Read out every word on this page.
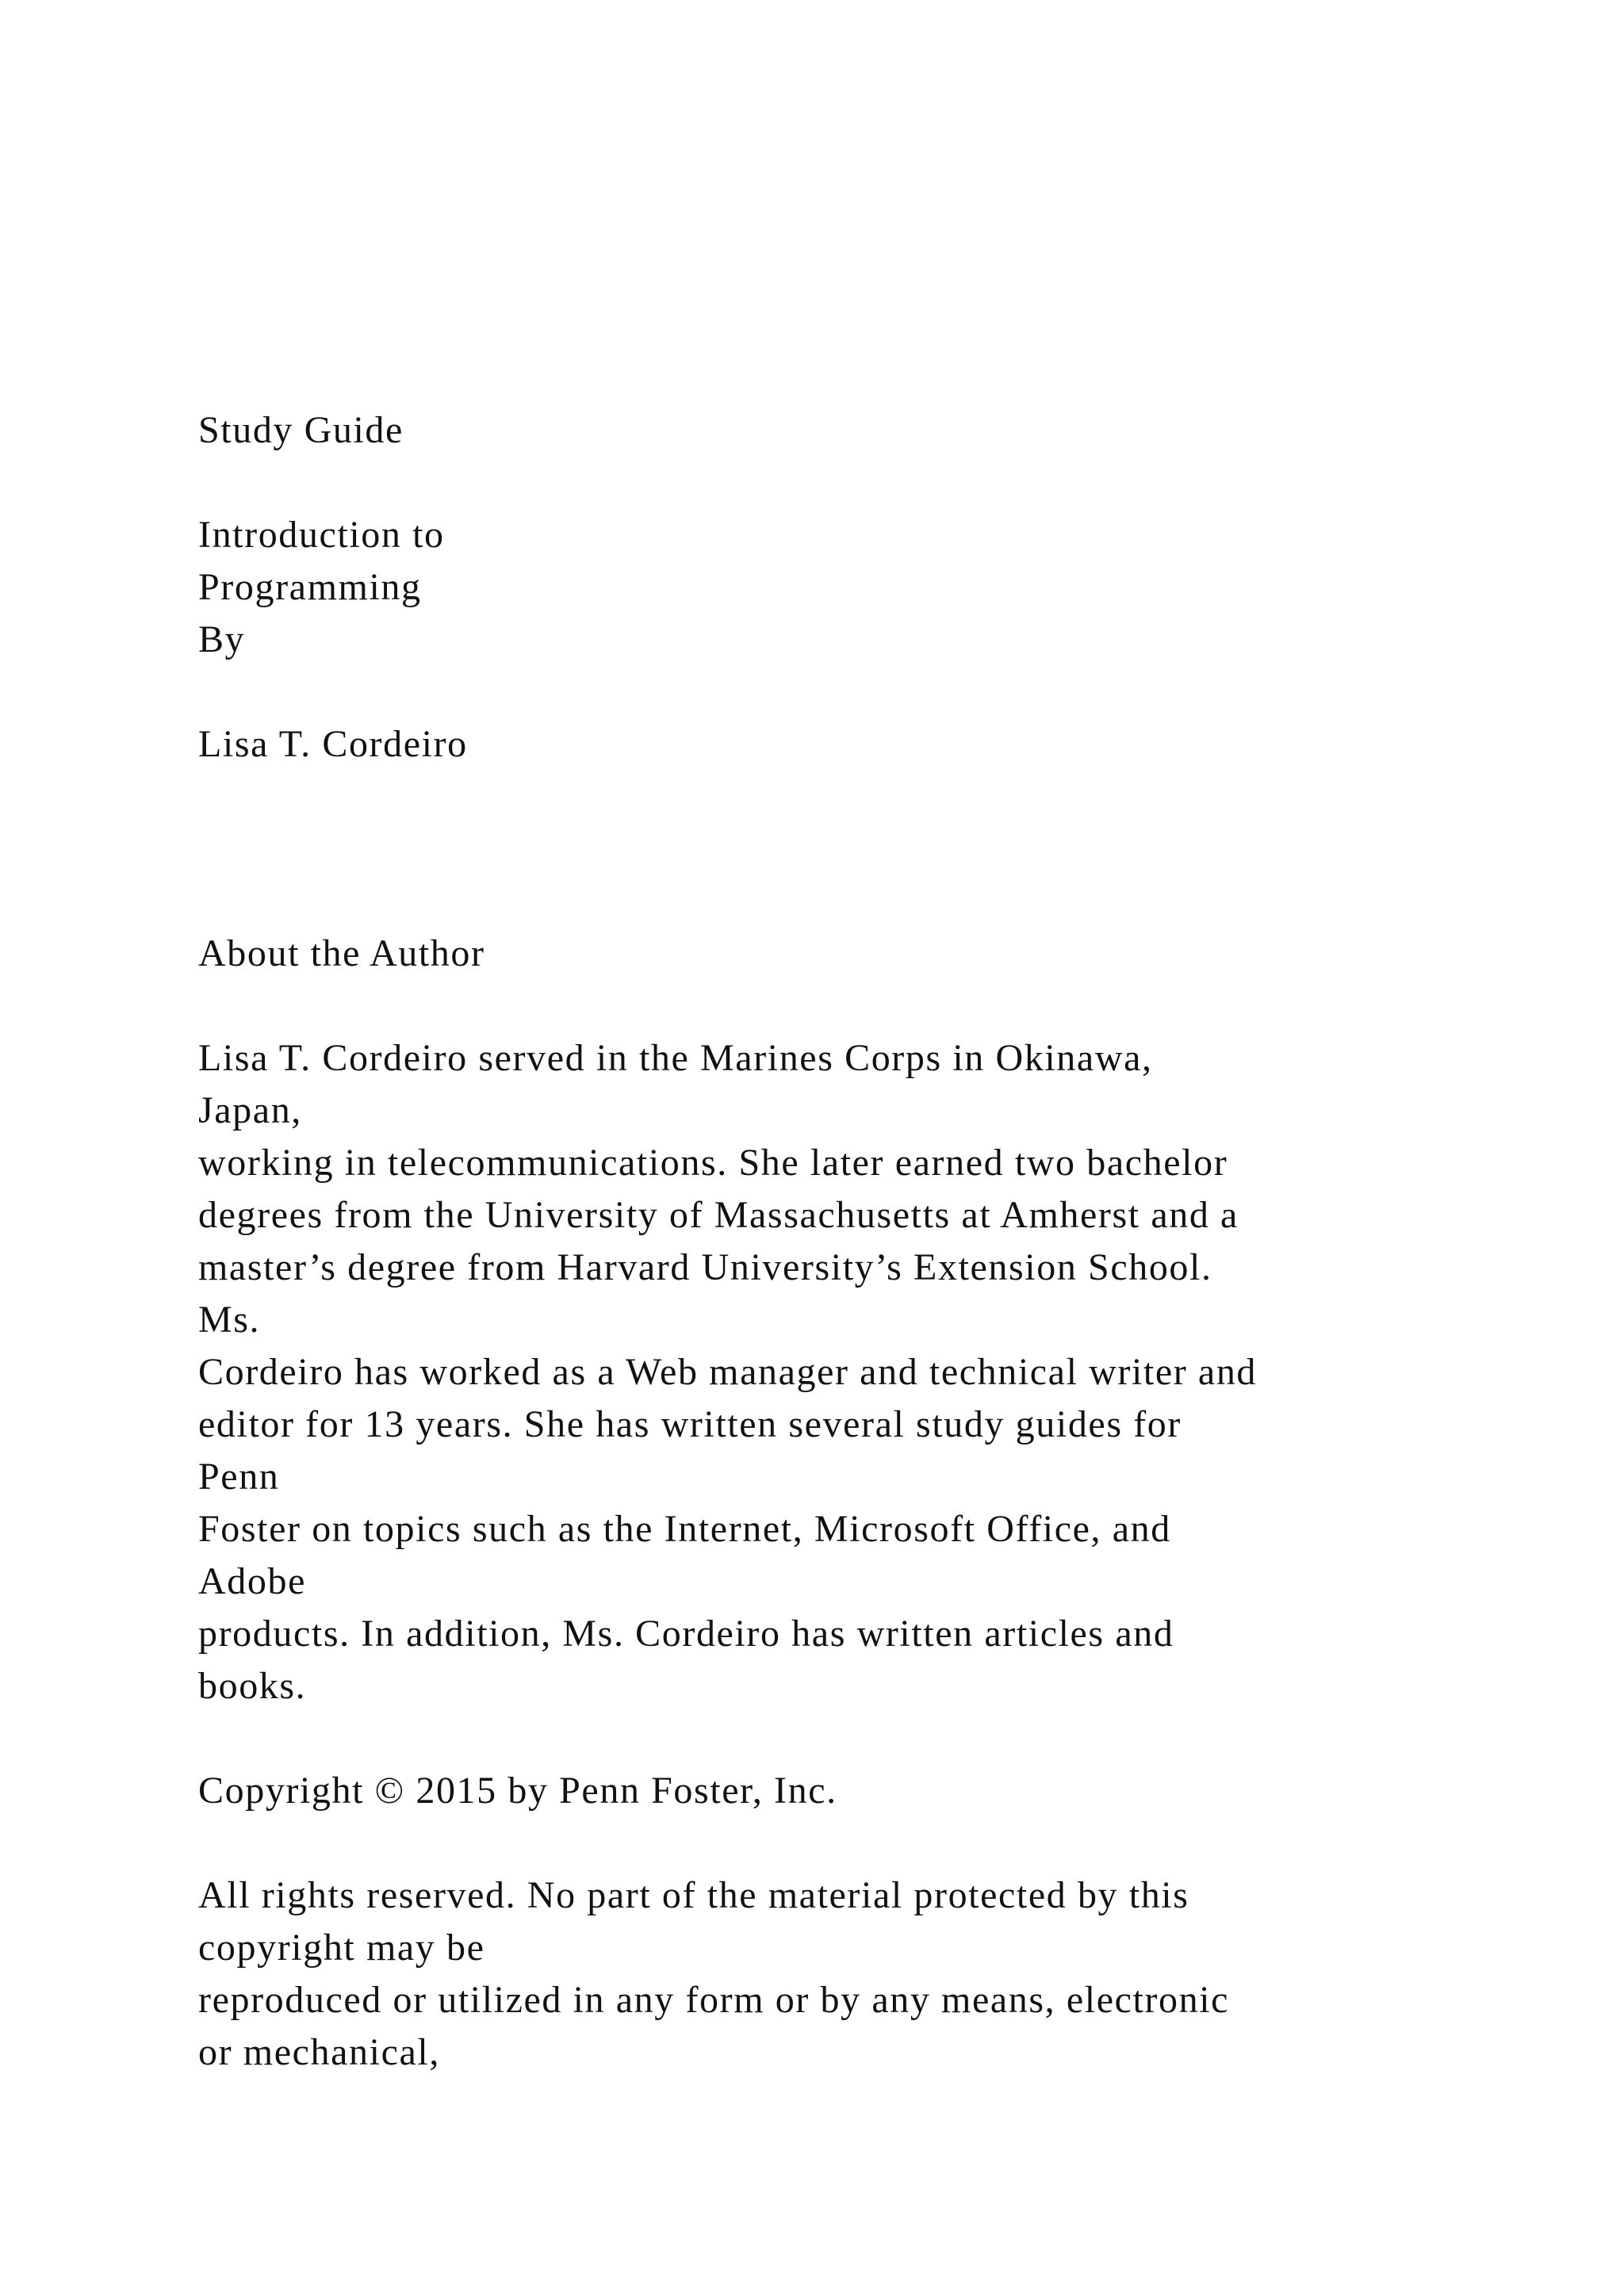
Study Guide
Introduction to
Programming
By
Lisa T. Cordeiro
About the Author
Lisa T. Cordeiro served in the Marines Corps in Okinawa,
Japan,
working in telecommunications. She later earned two bachelor
degrees from the University of Massachusetts at Amherst and a
master’s degree from Harvard University’s Extension School.
Ms.
Cordeiro has worked as a Web manager and technical writer and
editor for 13 years. She has written several study guides for
Penn
Foster on topics such as the Internet, Microsoft Office, and
Adobe
products. In addition, Ms. Cordeiro has written articles and
books.
Copyright © 2015 by Penn Foster, Inc.
All rights reserved. No part of the material protected by this
copyright may be
reproduced or utilized in any form or by any means, electronic
or mechanical,
